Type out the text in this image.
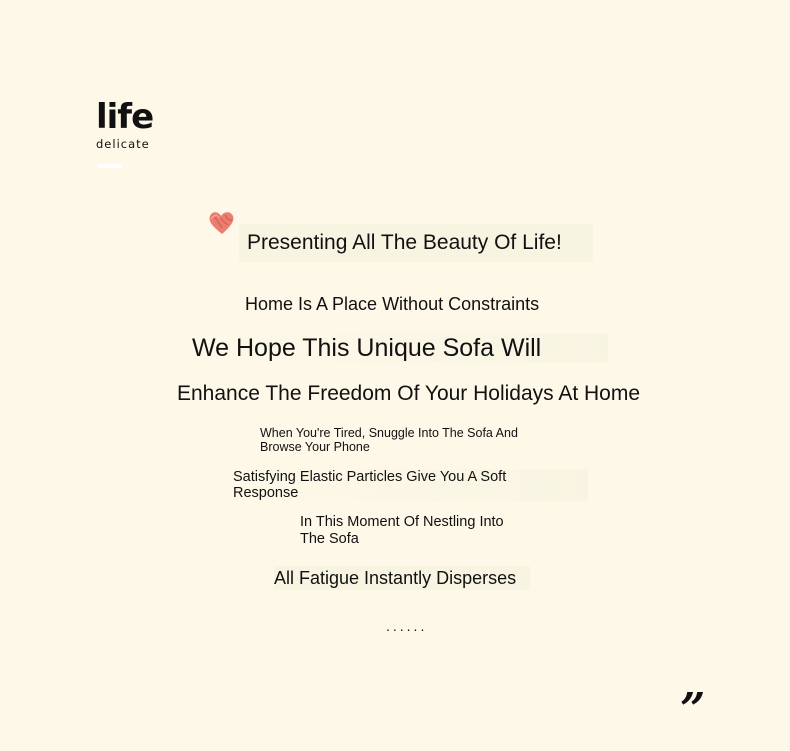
life
delicate
Presenting All The Beauty Of Life!
Home Is A Place Without Constraints
We Hope This Unique Sofa Will
Enhance The Freedom Of Your Holidays At Home
When You're Tired, Snuggle Into The Sofa And Browse Your Phone
Satisfying Elastic Particles Give You A Soft Response
In This Moment Of Nestling Into The Sofa
All Fatigue Instantly Disperses
......
”
